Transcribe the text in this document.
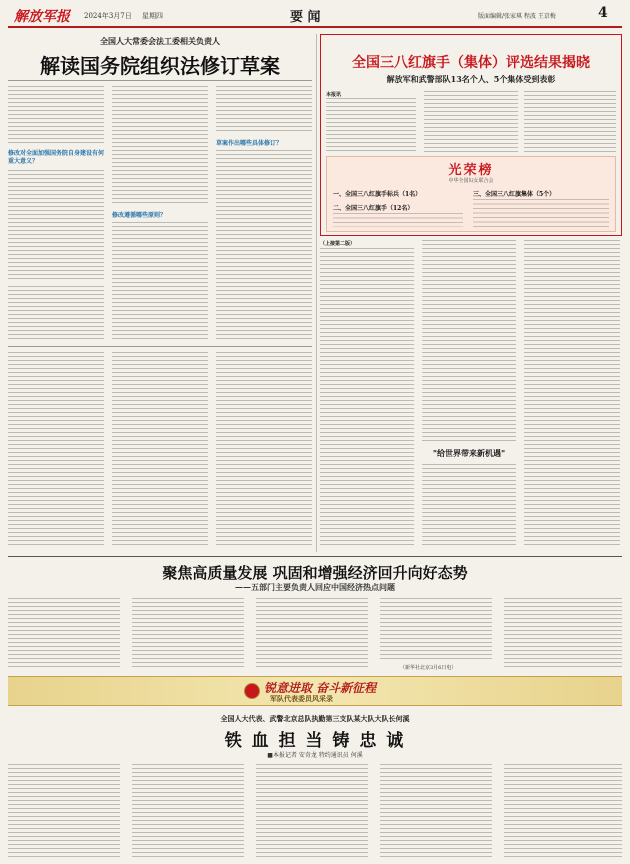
解放军报 2024年3月7日 星期四	要 闻	版面编辑/张家琪 程波 王京梅	4
全国人大常委会法工委相关负责人
解读国务院组织法修订草案
修改对全面加强国务院自身建设有何重大意义？
修改遵循哪些原则？
草案作出哪些具体修订？
全国三八红旗手（集体）评选结果揭晓
解放军和武警部队13名个人、5个集体受到表彰
本报讯
光荣榜
中华全国妇女联合会
一、全国三八红旗手标兵（1名）
二、全国三八红旗手（12名）
三、全国三八红旗集体（5个）
（上接第二版）
"给世界带来新机遇"
聚焦高质量发展 巩固和增强经济回升向好态势
——五部门主要负责人回应中国经济热点问题
（新华社北京3月6日电）
锐意进取 奋斗新征程
军队代表委员风采录
全国人大代表、武警北京总队执勤第三支队某大队大队长何溪
铁 血 担 当 铸 忠 诚
■本报记者 安奇龙 特约通讯员 何溪
